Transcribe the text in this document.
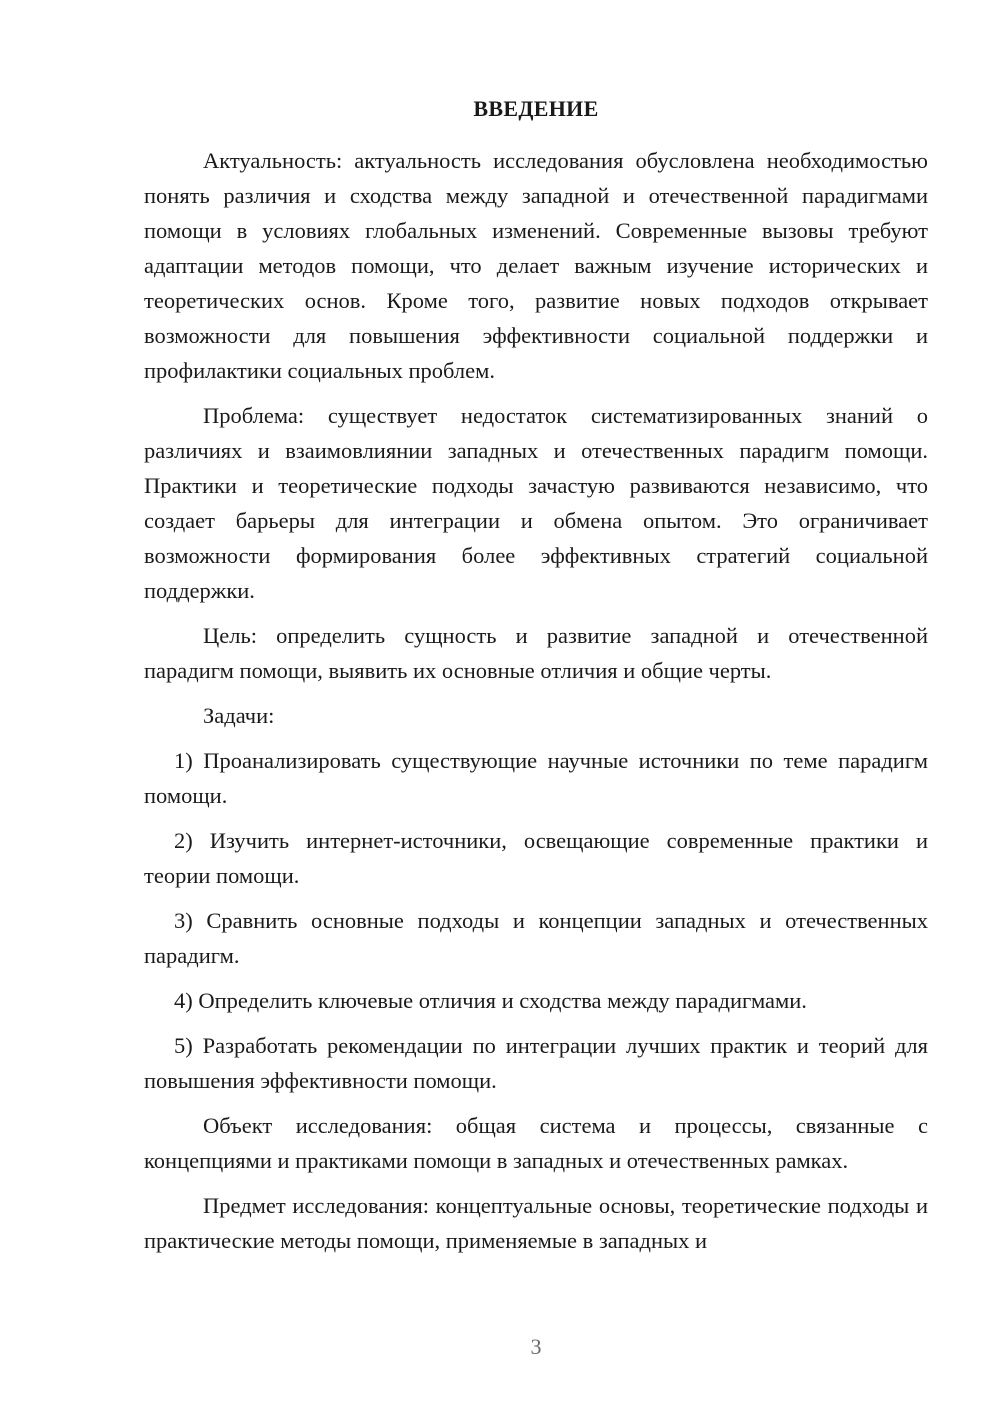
ВВЕДЕНИЕ

Актуальность: актуальность исследования обусловлена необходимостью понять различия и сходства между западной и отечественной парадигмами помощи в условиях глобальных изменений. Современные вызовы требуют адаптации методов помощи, что делает важным изучение исторических и теоретических основ. Кроме того, развитие новых подходов открывает возможности для повышения эффективности социальной поддержки и профилактики социальных проблем.

Проблема: существует недостаток систематизированных знаний о различиях и взаимовлиянии западных и отечественных парадигм помощи. Практики и теоретические подходы зачастую развиваются независимо, что создает барьеры для интеграции и обмена опытом. Это ограничивает возможности формирования более эффективных стратегий социальной поддержки.

Цель: определить сущность и развитие западной и отечественной парадигм помощи, выявить их основные отличия и общие черты.

Задачи:

1) Проанализировать существующие научные источники по теме парадигм помощи.

2) Изучить интернет-источники, освещающие современные практики и теории помощи.

3) Сравнить основные подходы и концепции западных и отечественных парадигм.

4) Определить ключевые отличия и сходства между парадигмами.

5) Разработать рекомендации по интеграции лучших практик и теорий для повышения эффективности помощи.

Объект исследования: общая система и процессы, связанные с концепциями и практиками помощи в западных и отечественных рамках.

Предмет исследования: концептуальные основы, теоретические подходы и практические методы помощи, применяемые в западных и

3
